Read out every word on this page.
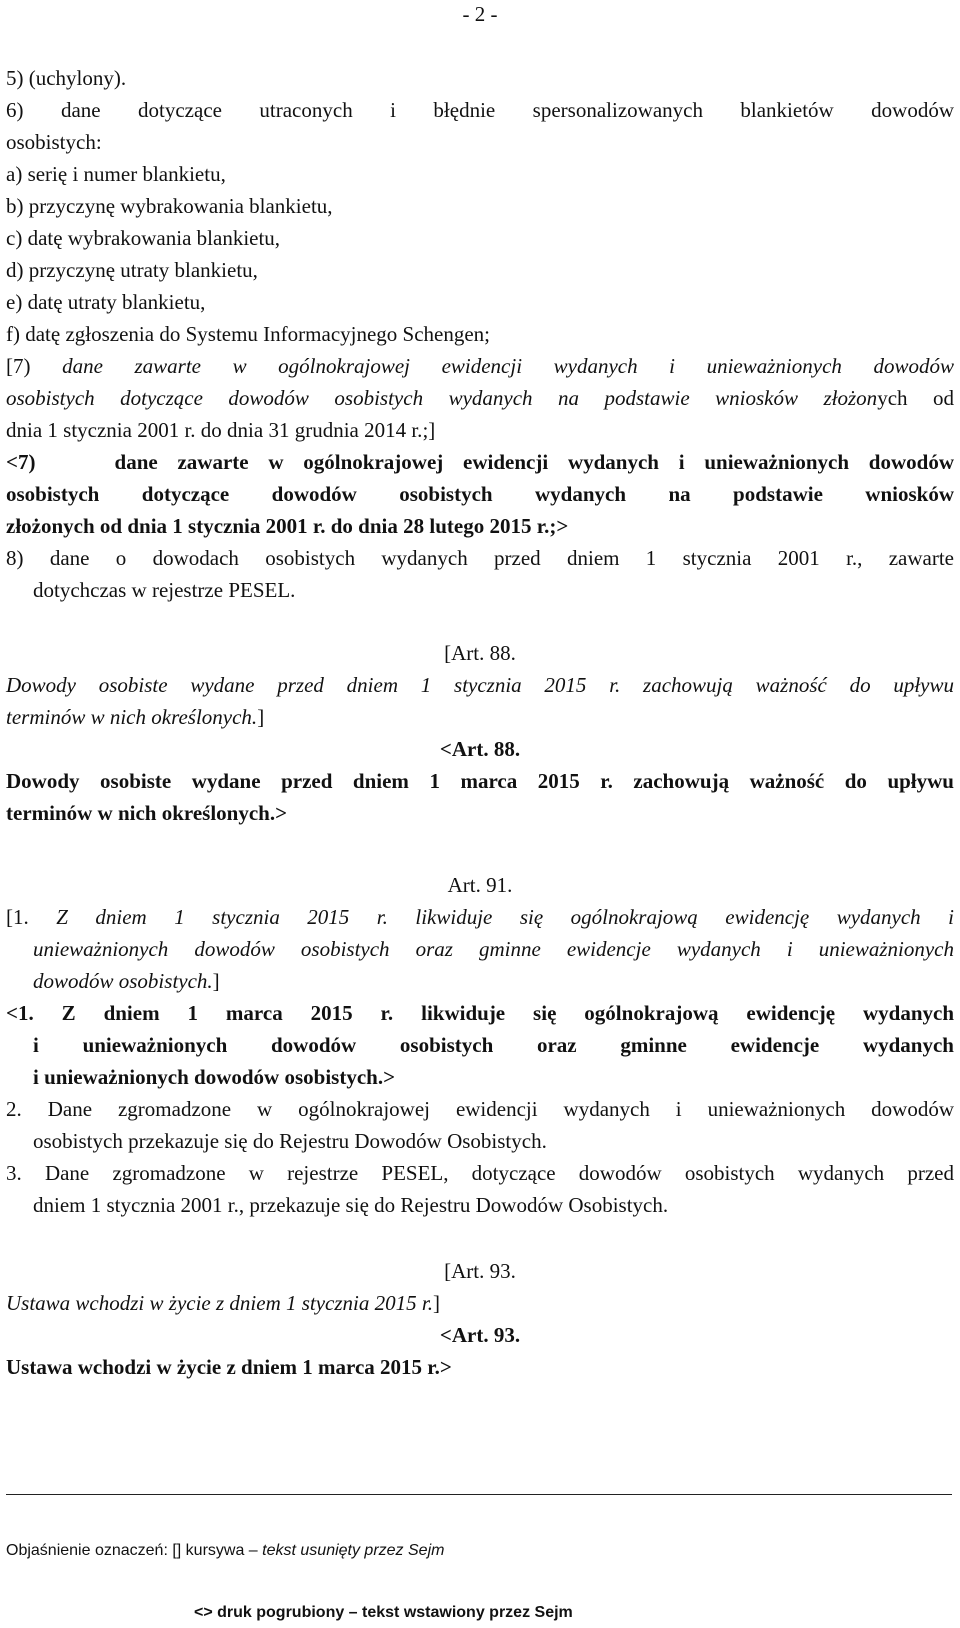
- 2 -
5) (uchylony).
6) dane dotyczące utraconych i błędnie spersonalizowanych blankietów dowodów
osobistych:
a) serię i numer blankietu,
b) przyczynę wybrakowania blankietu,
c) datę wybrakowania blankietu,
d) przyczynę utraty blankietu,
e) datę utraty blankietu,
f) datę zgłoszenia do Systemu Informacyjnego Schengen;
[7) dane zawarte w ogólnokrajowej ewidencji wydanych i unieważnionych dowodów
osobistych dotyczące dowodów osobistych wydanych na podstawie wniosków złożonych od
dnia 1 stycznia 2001 r. do dnia 31 grudnia 2014 r.;]
<7)    dane zawarte w ogólnokrajowej ewidencji wydanych i unieważnionych dowodów
osobistych dotyczące dowodów osobistych wydanych na podstawie wniosków
złożonych od dnia 1 stycznia 2001 r. do dnia 28 lutego 2015 r.;>
8) dane o dowodach osobistych wydanych przed dniem 1 stycznia 2001 r., zawarte
dotychczas w rejestrze PESEL.
[Art. 88.
Dowody osobiste wydane przed dniem 1 stycznia 2015 r. zachowują ważność do upływu
terminów w nich określonych.]
<Art. 88.
Dowody osobiste wydane przed dniem 1 marca 2015 r. zachowują ważność do upływu
terminów w nich określonych.>
Art. 91.
[1. Z dniem 1 stycznia 2015 r. likwiduje się ogólnokrajową ewidencję wydanych i
unieważnionych dowodów osobistych oraz gminne ewidencje wydanych i unieważnionych
dowodów osobistych.]
<1. Z dniem 1 marca 2015 r. likwiduje się ogólnokrajową ewidencję wydanych
i unieważnionych dowodów osobistych oraz gminne ewidencje wydanych
i unieważnionych dowodów osobistych.>
2. Dane zgromadzone w ogólnokrajowej ewidencji wydanych i unieważnionych dowodów
osobistych przekazuje się do Rejestru Dowodów Osobistych.
3. Dane zgromadzone w rejestrze PESEL, dotyczące dowodów osobistych wydanych przed
dniem 1 stycznia 2001 r., przekazuje się do Rejestru Dowodów Osobistych.
[Art. 93.
Ustawa wchodzi w życie z dniem 1 stycznia 2015 r.]
<Art. 93.
Ustawa wchodzi w życie z dniem 1 marca 2015 r.>
Objaśnienie oznaczeń: [] kursywa – tekst usunięty przez Sejm
<> druk pogrubiony – tekst wstawiony przez Sejm
